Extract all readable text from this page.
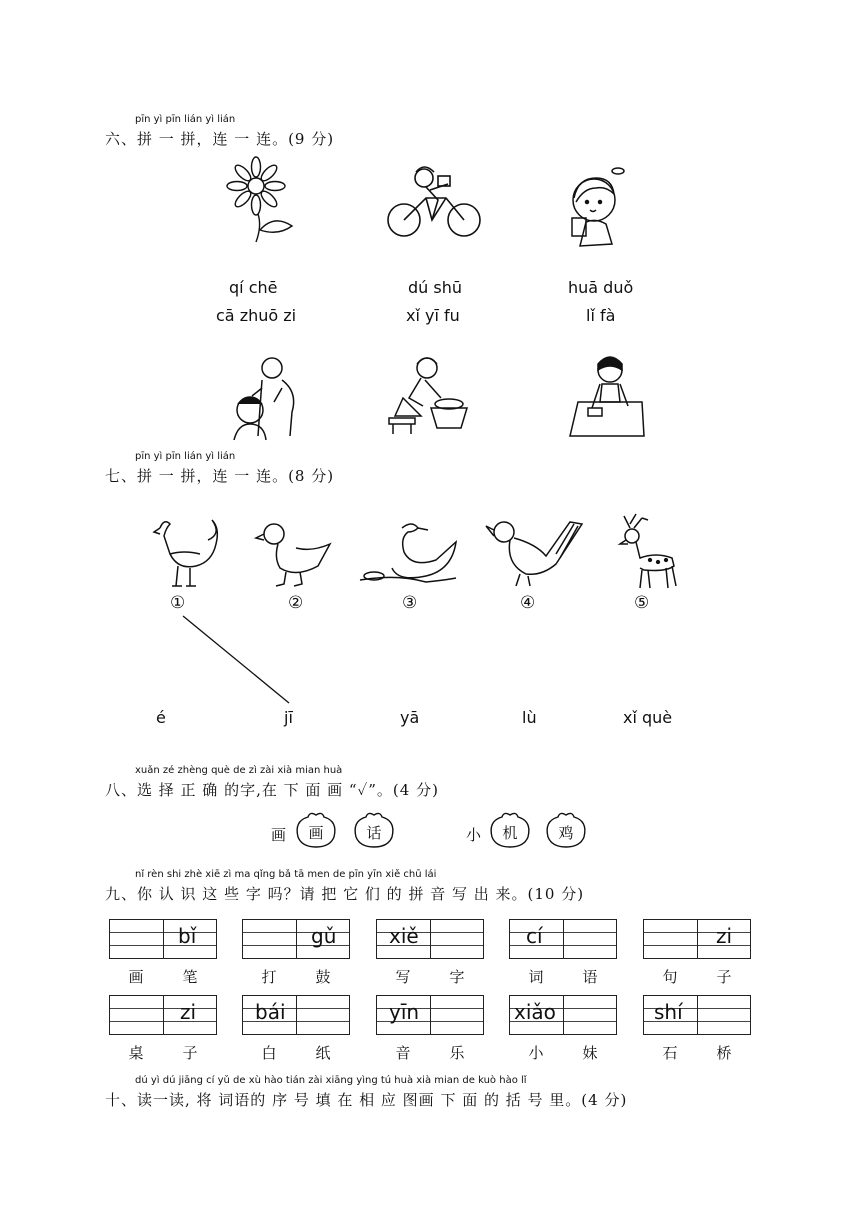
pīn yì pīn lián yì lián
六、拼 一 拼，连 一 连。(9 分)
qí chē	dú shū	huā duǒ
cā zhuō zi	xǐ yī fu	lǐ fà
pīn yì pīn lián yì lián
七、拼 一 拼，连 一 连。(8 分)
①	②	③	④	⑤
é	jī	yā	lù	xǐ què
xuǎn zé zhèng què de zì zài xià mian huà
八、选 择 正 确 的字,在 下 面 画 “✓”。(4 分)
画	画	话	小	机	鸡
nǐ rèn shi zhè xiē zì ma qǐng bǎ tā men de pīn yīn xiě chū lái
九、你 认 识 这 些 字 吗？请 把 它 们 的 拼 音 写 出 来。(10 分)
bǐ	gǔ	xiě	cí	zi
画	笔	打	鼓	写	字	词	语	句	子
zi	bái	yīn	xiǎo	shí
桌	子	白	纸	音	乐	小	妹	石	桥
dú yì dú jiāng cí yǔ de xù hào tián zài xiāng yìng tú huà xià mian de kuò hào lǐ
十、读一读, 将 词语的 序 号 填 在 相 应 图画 下 面 的 括 号 里。(4 分)
